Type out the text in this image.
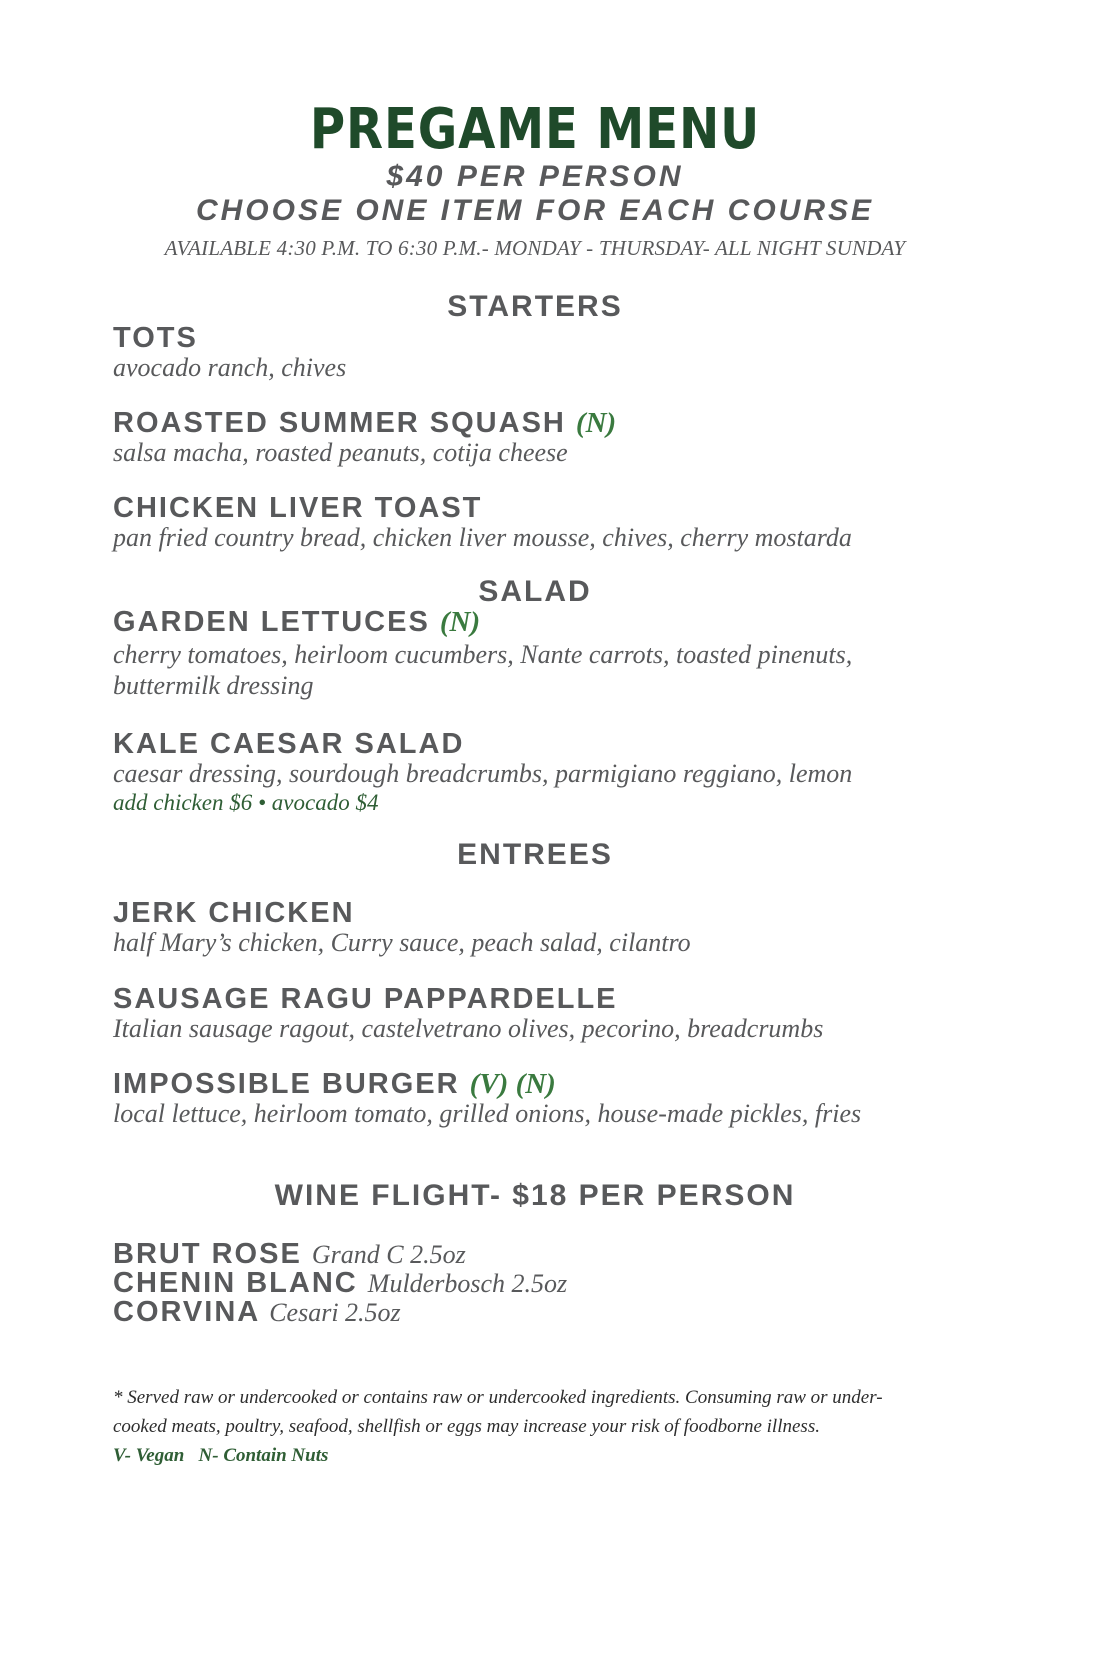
PREGAME MENU
$40 PER PERSON
CHOOSE ONE ITEM FOR EACH COURSE
AVAILABLE 4:30 P.M. TO 6:30 P.M.- MONDAY - THURSDAY- ALL NIGHT SUNDAY
STARTERS
TOTS
avocado ranch, chives
ROASTED SUMMER SQUASH (N)
salsa macha, roasted peanuts, cotija cheese
CHICKEN LIVER TOAST
pan fried country bread, chicken liver mousse, chives, cherry mostarda
SALAD
GARDEN LETTUCES (N)
cherry tomatoes, heirloom cucumbers, Nante carrots, toasted pinenuts,
buttermilk dressing
KALE CAESAR SALAD
caesar dressing, sourdough breadcrumbs, parmigiano reggiano, lemon
add chicken $6 • avocado $4
ENTREES
JERK CHICKEN
half Mary’s chicken, Curry sauce, peach salad, cilantro
SAUSAGE RAGU PAPPARDELLE
Italian sausage ragout, castelvetrano olives, pecorino, breadcrumbs
IMPOSSIBLE BURGER (V) (N)
local lettuce, heirloom tomato, grilled onions, house-made pickles, fries
WINE FLIGHT- $18 PER PERSON
BRUT ROSE Grand C 2.5oz
CHENIN BLANC Mulderbosch 2.5oz
CORVINA Cesari 2.5oz
* Served raw or undercooked or contains raw or undercooked ingredients. Consuming raw or under-
cooked meats, poultry, seafood, shellfish or eggs may increase your risk of foodborne illness.
V- Vegan   N- Contain Nuts
